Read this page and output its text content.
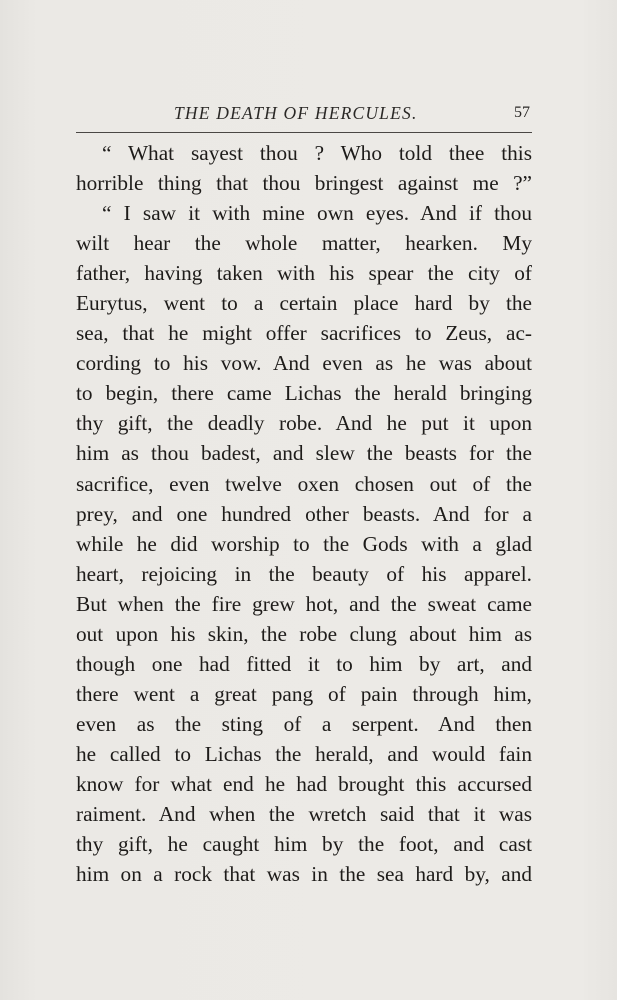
THE DEATH OF HERCULES.	57
“ What sayest thou ? Who told thee this
horrible thing that thou bringest against me ?”
“ I saw it with mine own eyes. And if thou
wilt hear the whole matter, hearken. My
father, having taken with his spear the city of
Eurytus, went to a certain place hard by the
sea, that he might offer sacrifices to Zeus, ac-
cording to his vow. And even as he was about
to begin, there came Lichas the herald bringing
thy gift, the deadly robe. And he put it upon
him as thou badest, and slew the beasts for the
sacrifice, even twelve oxen chosen out of the
prey, and one hundred other beasts. And for a
while he did worship to the Gods with a glad
heart, rejoicing in the beauty of his apparel.
But when the fire grew hot, and the sweat came
out upon his skin, the robe clung about him as
though one had fitted it to him by art, and
there went a great pang of pain through him,
even as the sting of a serpent. And then
he called to Lichas the herald, and would fain
know for what end he had brought this accursed
raiment. And when the wretch said that it was
thy gift, he caught him by the foot, and cast
him on a rock that was in the sea hard by, and
